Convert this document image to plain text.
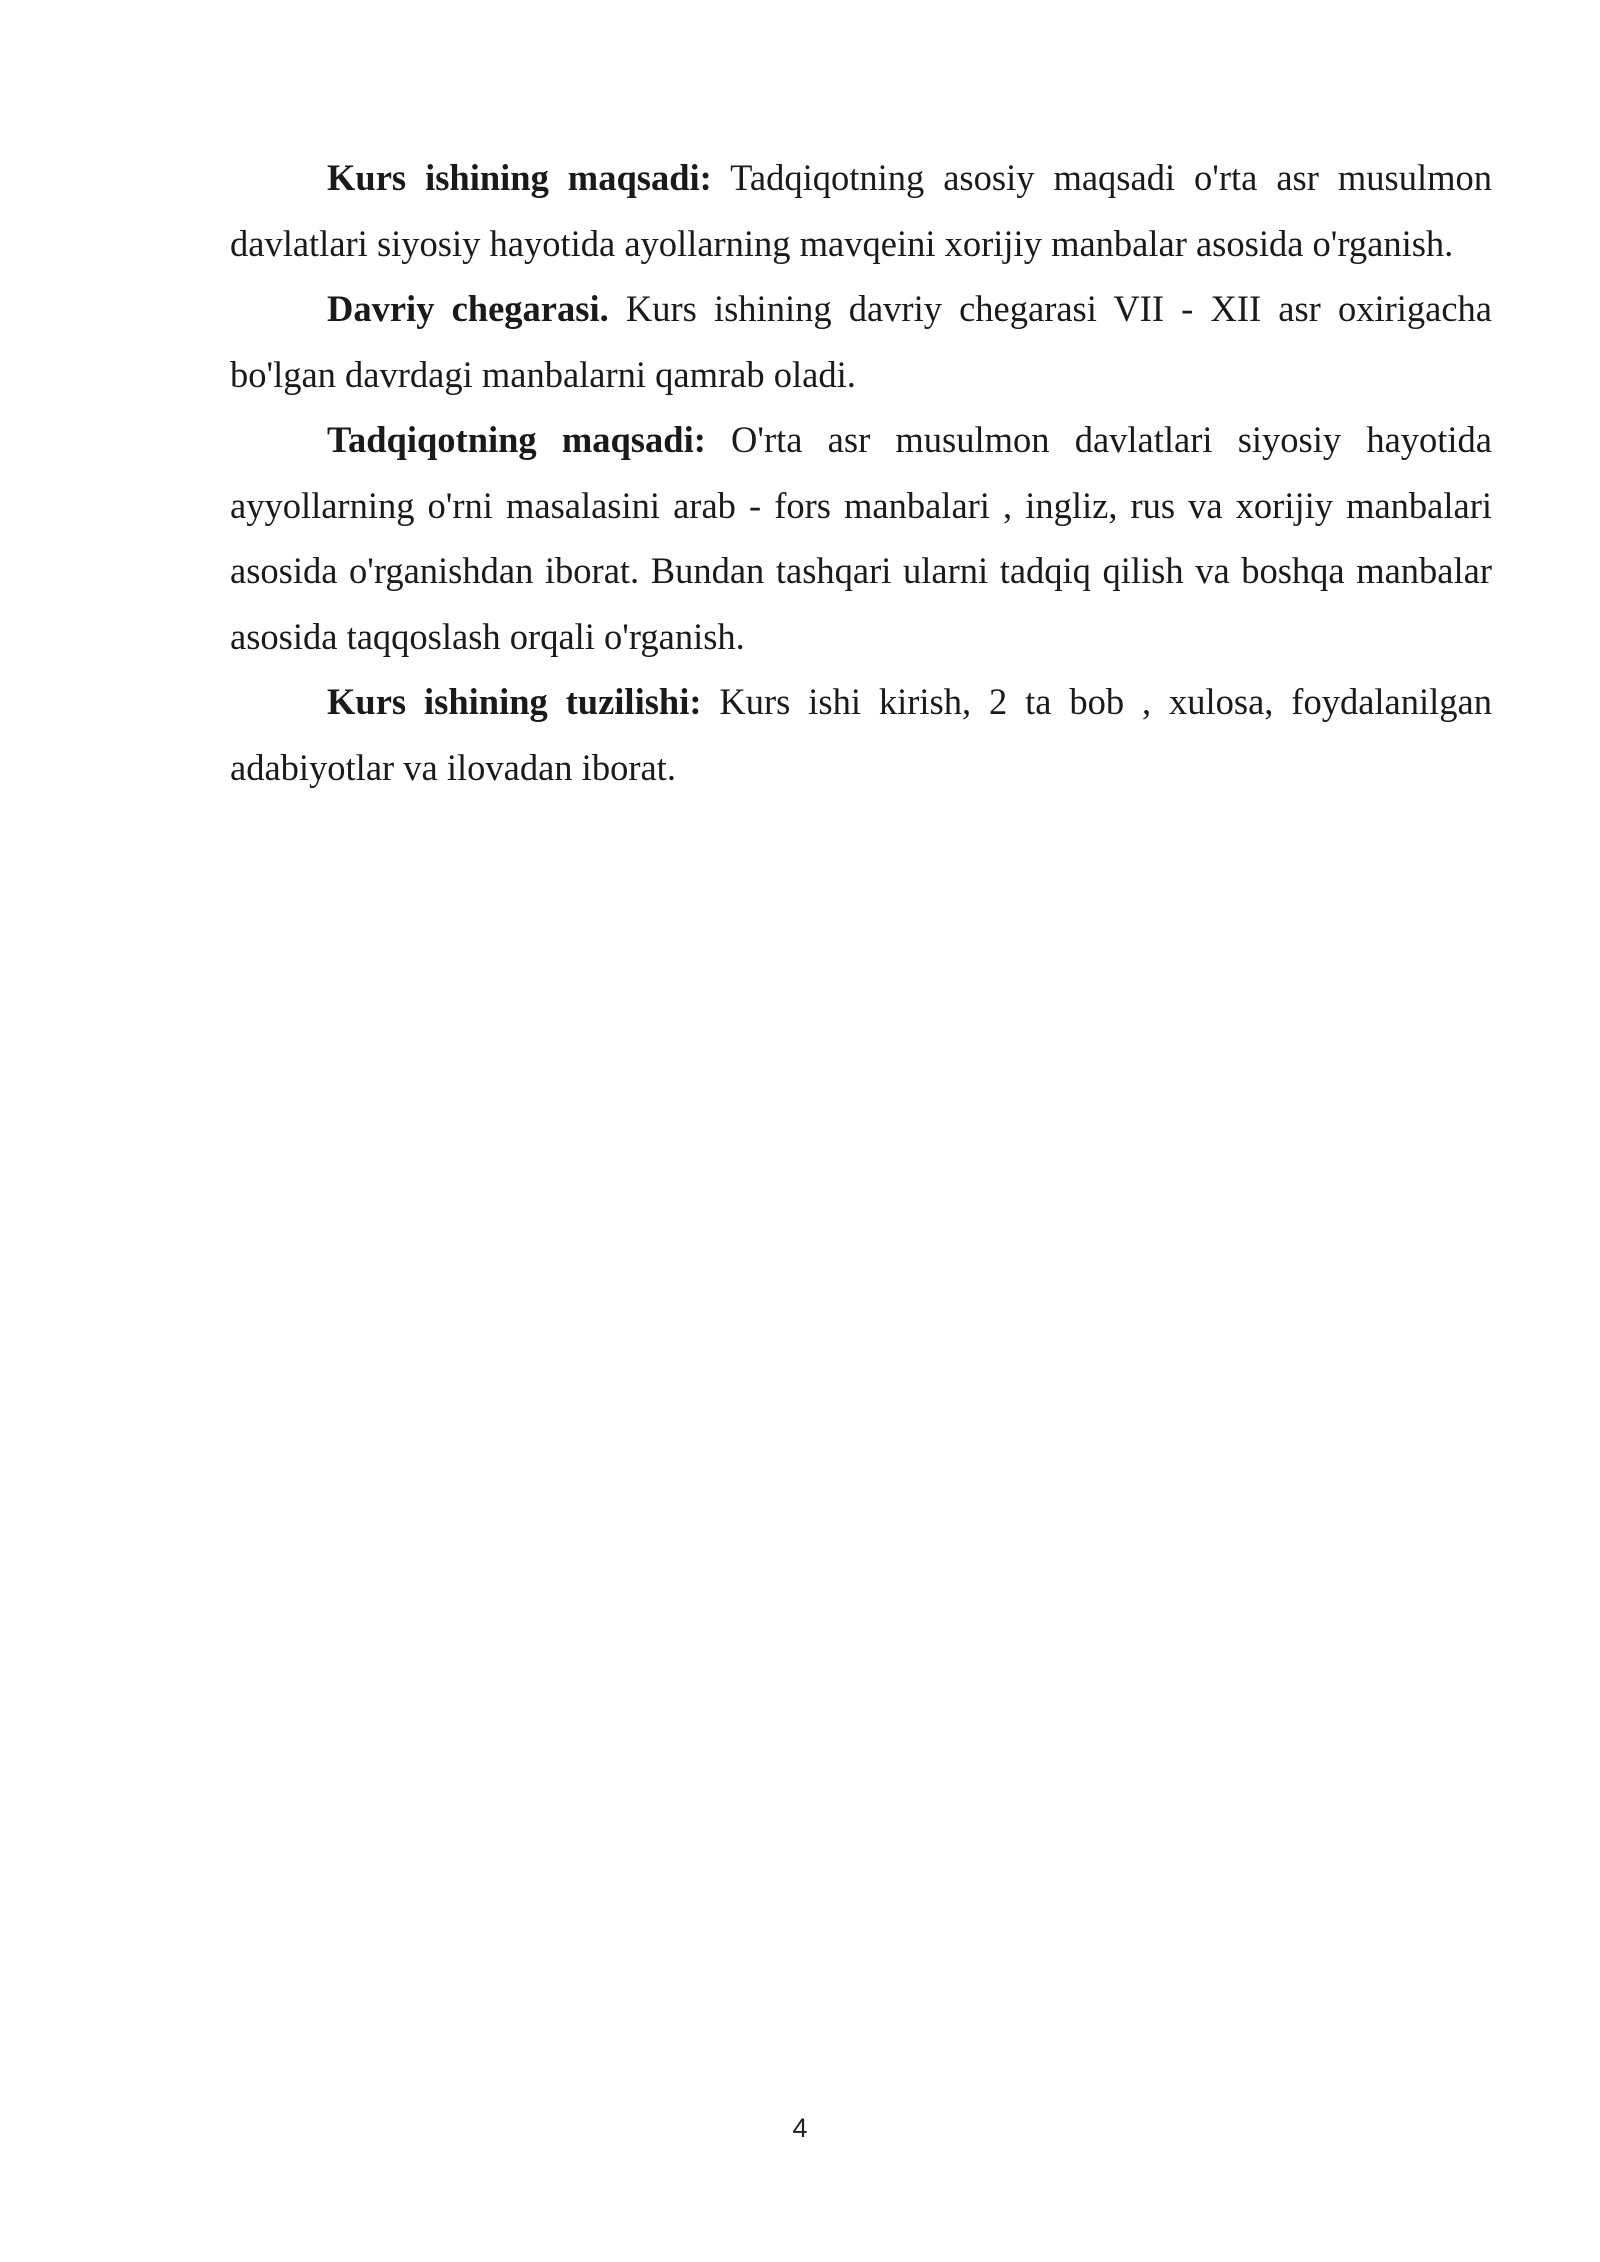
Kurs ishining maqsadi: Tadqiqotning asosiy maqsadi o'rta asr musulmon davlatlari siyosiy hayotida ayollarning mavqeini xorijiy manbalar asosida o'rganish.

Davriy chegarasi. Kurs ishining davriy chegarasi VII - XII asr oxirigacha bo'lgan davrdagi manbalarni qamrab oladi.

Tadqiqotning maqsadi: O'rta asr musulmon davlatlari siyosiy hayotida ayyollarning o'rni masalasini arab - fors manbalari , ingliz, rus va xorijiy manbalari asosida o'rganishdan iborat. Bundan tashqari ularni tadqiq qilish va boshqa manbalar asosida taqqoslash orqali o'rganish.

Kurs ishining tuzilishi: Kurs ishi kirish, 2 ta bob , xulosa, foydalanilgan adabiyotlar va ilovadan iborat.

4
